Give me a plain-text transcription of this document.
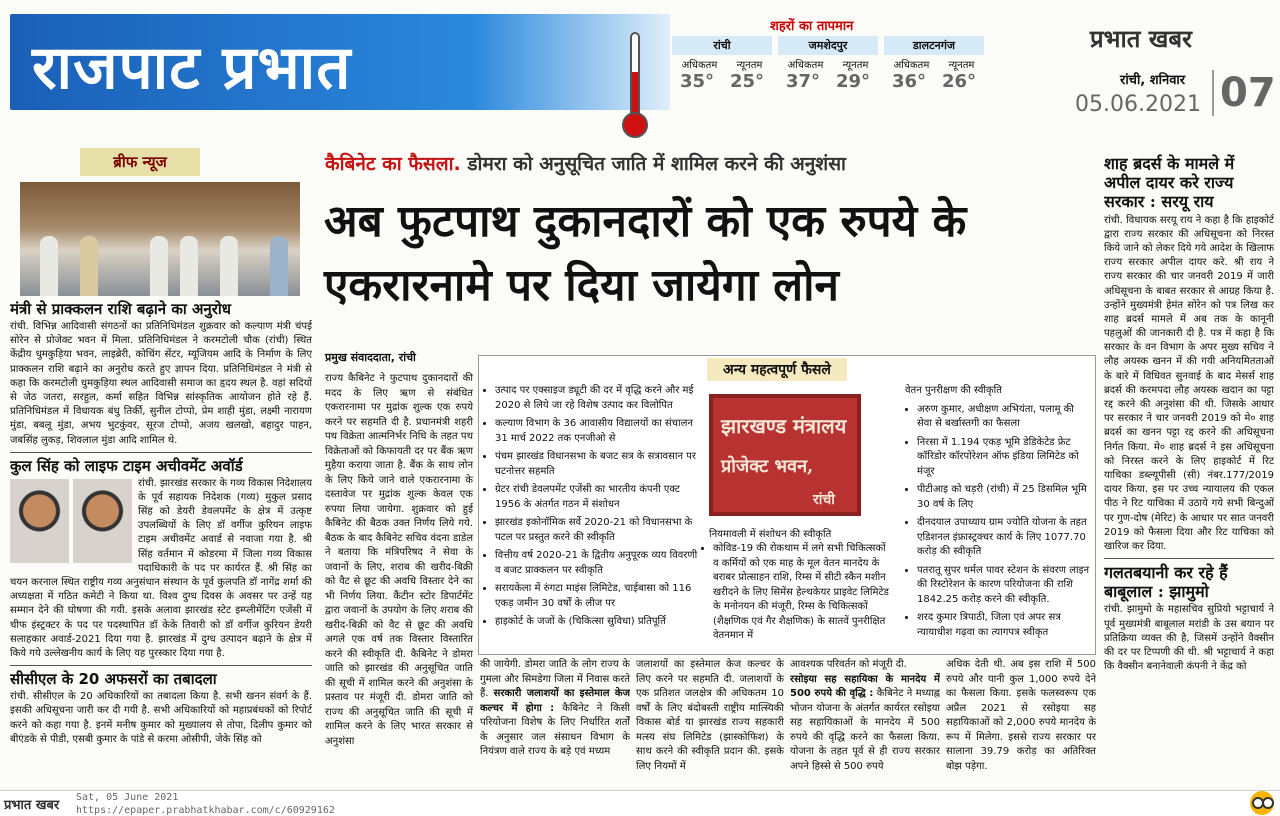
राजपाट प्रभात
शहरों का तापमान
रांची
अधिकतम न्यूनतम
35° 25°
जमशेदपुर
अधिकतम न्यूनतम
37° 29°
डालटनगंज
अधिकतम न्यूनतम
36° 26°
प्रभात खबर
रांची, शनिवार
05.06.2021 07
ब्रीफ न्यूज
मंत्री से प्राक्कलन राशि बढ़ाने का अनुरोध
रांची. विभिन्न आदिवासी संगठनों का प्रतिनिधिमंडल शुक्रवार को कल्याण मंत्री चंपई सोरेन से प्रोजेक्ट भवन में मिला. प्रतिनिधिमंडल ने करमटोली चौक (रांची) स्थित केंद्रीय धुमकुड़िया भवन, लाइब्रेरी, कोचिंग सेंटर, म्यूजियम आदि के निर्माण के लिए प्राक्कलन राशि बढ़ाने का अनुरोध करते हुए ज्ञापन दिया. प्रतिनिधिमंडल ने मंत्री से कहा कि करमटोली धुमकुड़िया स्थल आदिवासी समाज का हृदय स्थल है. वहां सदियों से जेठ जतरा, सरहुल, कर्मा सहित विभिन्न सांस्कृतिक आयोजन होते रहे हैं. प्रतिनिधिमंडल में विधायक बंधु तिर्की, सुनील टोप्पो, प्रेम शाही मुंडा, लक्ष्मी नारायण मुंडा, बबलू मुंडा, अभय भुटकुंवर, सूरज टोप्पो, अजय खलखो, बहादुर पाहन, जबसिंह लुकड़, शिवलाल मुंडा आदि शामिल थे.
कुल सिंह को लाइफ टाइम अचीवमेंट अवॉर्ड
रांची. झारखंड सरकार के गव्य विकास निदेशालय के पूर्व सहायक निदेशक (गव्य) मुकुल प्रसाद सिंह को डेयरी डेवलपमेंट के क्षेत्र में उत्कृष्ट उपलब्धियों के लिए डॉ वर्गीज कुरियन लाइफ टाइम अचीवमेंट अवार्ड से नवाजा गया है. श्री सिंह वर्तमान में कोडरमा में जिला गव्य विकास पदाधिकारी के पद पर कार्यरत हैं. श्री सिंह का चयन करनाल स्थित राष्ट्रीय गव्य अनुसंधान संस्थान के पूर्व कुलपति डॉ नागेंद्र शर्मा की अध्यक्षता में गठित कमेटी ने किया था. विश्व दुग्ध दिवस के अवसर पर उन्हें यह सम्मान देने की घोषणा की गयी. इसके अलावा झारखंड स्टेट इम्प्लीमेंटिंग एजेंसी में चीफ इंस्ट्रक्टर के पद पर पदस्थापित डॉ केके तिवारी को डॉ वर्गीज कुरियन डेयरी सलाहकार अवार्ड-2021 दिया गया है. झारखंड में दुग्ध उत्पादन बढ़ाने के क्षेत्र में किये गये उल्लेखनीय कार्य के लिए यह पुरस्कार दिया गया है.
सीसीएल के 20 अफसरों का तबादला
रांची. सीसीएल के 20 अधिकारियों का तबादला किया है. सभी खनन संवर्ग के हैं. इसकी अधिसूचना जारी कर दी गयी है. सभी अधिकारियों को महाप्रबंधकों को रिपोर्ट करने को कहा गया है. इनमें मनीष कुमार को मुख्यालय से तोपा, दिलीप कुमार को बीएंडके से पीडी, एसबी कुमार के पांडे से करमा ओसीपी, जेके सिंह को
कैबिनेट का फैसला. डोमरा को अनुसूचित जाति में शामिल करने की अनुशंसा
अब फुटपाथ दुकानदारों को एक रुपये के एकरारनामे पर दिया जायेगा लोन
प्रमुख संवाददाता, रांची
राज्य कैबिनेट ने फुटपाथ दुकानदारों की मदद के लिए ऋण से संबंधित एकरारनामा पर मुद्रांक शुल्क एक रुपये करने पर सहमति दी है. प्रधानमंत्री शहरी पथ विक्रेता आत्मनिर्भर निधि के तहत पथ विक्रेताओं को किफायती दर पर बैंक ऋण मुहैया कराया जाता है. बैंक के साथ लोन के लिए किये जाने वाले एकरारनामा के दस्तावेज पर मुद्रांक शुल्क केवल एक रुपया लिया जायेगा. शुक्रवार को हुई कैबिनेट की बैठक उक्त निर्णय लिये गये. बैठक के बाद कैबिनेट सचिव वंदना डाडेल ने बताया कि मंत्रिपरिषद ने सेवा के जवानों के लिए, शराब की खरीद-बिक्री को वैट से छूट की अवधि विस्तार देने का भी निर्णय लिया. कैंटीन स्टोर डिपार्टमेंट द्वारा जवानों के उपयोग के लिए शराब की खरीद-बिक्री को वैट से छूट की अवधि अगले एक वर्ष तक विस्तार विस्तारित करने की स्वीकृति दी. कैबिनेट ने डोमरा जाति को झारखंड की अनुसूचित जाति की सूची में शामिल करने की अनुशंसा के प्रस्ताव पर मंजूरी दी. डोमरा जाति को राज्य की अनुसूचित जाति की सूची में शामिल करने के लिए भारत सरकार से अनुशंसा
की जायेगी. डोमरा जाति के लोग राज्य के गुमला और सिमडेगा जिला में निवास करते हैं. सरकारी जलाशयों का इस्तेमाल केज कल्चर में होगा : कैबिनेट ने किसी परियोजना विशेष के लिए निर्धारित शर्तों के अनुसार जल संसाधन विभाग के नियंत्रण वाले राज्य के बड़े एवं मध्यम
जलाशयों का इस्तेमाल केज कल्चर के लिए करने पर सहमति दी. जलाशयों के एक प्रतिशत जलक्षेत्र की अधिकतम 10 वर्षों के लिए बंदोबस्ती राष्ट्रीय मात्स्यिकी विकास बोर्ड या झारखंड राज्य सहकारी मत्स्य संघ लिमिटेड (झास्कोफिश) के साथ करने की स्वीकृति प्रदान की. इसके लिए नियमों में
आवश्यक परिवर्तन को मंजूरी दी.
रसोइया सह सहायिका के मानदेय में 500 रुपये की वृद्धि : कैबिनेट ने मध्याह्न भोजन योजना के अंतर्गत कार्यरत रसोइया सह सहायिकाओं के मानदेय में 500 रुपये की वृद्धि करने का फैसला किया. योजना के तहत पूर्व से ही राज्य सरकार अपने हिस्से से 500 रुपये
अधिक देती थी. अब इस राशि में 500 रुपये और यानी कुल 1,000 रुपये देने का फैसला किया. इसके फलस्वरूप एक अप्रैल 2021 से रसोइया सह सहायिकाओं को 2,000 रुपये मानदेय के रूप में मिलेगा. इससे राज्य सरकार पर सालाना 39.79 करोड़ का अतिरिक्त बोझ पड़ेगा.
अन्य महत्वपूर्ण फैसले
• उत्पाद पर एक्साइज ड्यूटी की दर में वृद्धि करने और मई 2020 से लिये जा रहे विशेष उत्पाद कर विलोपित
• कल्याण विभाग के 36 आवासीय विद्यालयों का संचालन 31 मार्च 2022 तक एनजीओ से
• पंचम झारखंड विधानसभा के बजट सत्र के सत्रावसान पर घटनोत्तर सहमति
• ग्रेटर रांची डेवलपमेंट एजेंसी का भारतीय कंपनी एक्ट 1956 के अंतर्गत गठन में संशोधन
• झारखंड इकोनॉमिक सर्वे 2020-21 को विधानसभा के पटल पर प्रस्तुत करने की स्वीकृति
• वित्तीय वर्ष 2020-21 के द्वितीय अनुपूरक व्यय विवरणी व बजट प्राक्कलन पर स्वीकृति
• सरायकेला में रुंगटा माइंस लिमिटेड, चाईबासा को 116 एकड़ जमीन 30 वर्षों के लीज पर
• हाइकोर्ट के जजों के (चिकित्सा सुविधा) प्रतिपूर्ति
झारखण्ड मंत्रालय
प्रोजेक्ट भवन,
रांची
नियमावली में संशोधन की स्वीकृति
• कोविड-19 की रोकथाम में लगे सभी चिकित्सकों व कर्मियों को एक माह के मूल वेतन मानदेय के बराबर प्रोत्साहन राशि, रिम्स में सीटी स्कैन मशीन खरीदने के लिए सिमेंस हेल्थकेयर प्राइवेट लिमिटेड के मनोनयन की मंजूरी, रिम्स के चिकित्सकों (शैक्षणिक एवं गैर शैक्षणिक) के सातवें पुनरीक्षित वेतनमान में
वेतन पुनरीक्षण की स्वीकृति
• अरुण कुमार, अधीक्षण अभियंता, पलामू की सेवा से बर्खास्तगी का फैसला
• निरसा में 1.194 एकड़ भूमि डेडिकेटेड फ्रेट कॉरिडोर कॉरपोरेशन ऑफ इंडिया लिमिटेड को मंजूर
• पीटीआइ को चड़री (रांची) में 25 डिसमिल भूमि 30 वर्ष के लिए
• दीनदयाल उपाध्याय ग्राम ज्योति योजना के तहत एडिशनल इंफ्रास्ट्रक्चर कार्य के लिए 1077.70 करोड़ की स्वीकृति
• पतरातू सुपर थर्मल पावर स्टेशन के संवरण लाइन की रिस्टोरेशन के कारण परियोजना की राशि 1842.25 करोड़ करने की स्वीकृति.
• शरद कुमार त्रिपाठी, जिला एवं अपर सत्र न्यायाधीश गढ़वा का त्यागपत्र स्वीकृत
शाह ब्रदर्स के मामले में अपील दायर करे राज्य सरकार : सरयू राय
रांची. विधायक सरयू राय ने कहा है कि हाइकोर्ट द्वारा राज्य सरकार की अधिसूचना को निरस्त किये जाने को लेकर दिये गये आदेश के खिलाफ राज्य सरकार अपील दायर करे. श्री राय ने राज्य सरकार की चार जनवरी 2019 में जारी अधिसूचना के बाबत सरकार से आग्रह किया है. उन्होंने मुख्यमंत्री हेमंत सोरेन को पत्र लिख कर शाह ब्रदर्स मामले में अब तक के कानूनी पहलुओं की जानकारी दी है. पत्र में कहा है कि सरकार के वन विभाग के अपर मुख्य सचिव ने लौह अयस्क खनन में की गयी अनियमितताओं के बारे में विधिवत सुनवाई के बाद मेसर्स शाह ब्रदर्स की करमपदा लौह अयस्क खदान का पट्टा रद्द करने की अनुशंसा की थी. जिसके आधार पर सरकार ने चार जनवरी 2019 को मे० शाह ब्रदर्स का खनन पट्टा रद्द करने की अधिसूचना निर्गत किया. मे० शाह ब्रदर्स ने इस अधिसूचना को निरस्त करने के लिए हाइकोर्ट में रिट याचिका डब्ल्यूपीसी (सी) नंबर.177/2019 दायर किया. इस पर उच्च न्यायालय की एकल पीठ ने रिट याचिका में उठाये गये सभी बिन्दुओं पर गुण-दोष (मेरिट) के आधार पर सात जनवरी 2019 को फैसला दिया और रिट याचिका को खारिज कर दिया.
गलतबयानी कर रहे हैं बाबूलाल : झामुमो
रांची. झामुमो के महासचिव सुप्रियो भट्टाचार्य ने पूर्व मुख्यमंत्री बाबूलाल मरांडी के उस बयान पर प्रतिक्रिया व्यक्त की है, जिसमें उन्होंने वैक्सीन की दर पर टिप्पणी की थी. श्री भट्टाचार्य ने कहा कि वैक्सीन बनानेवाली कंपनी ने केंद्र को
प्रभात खबर
Sat, 05 June 2021
https://epaper.prabhatkhabar.com/c/60929162
